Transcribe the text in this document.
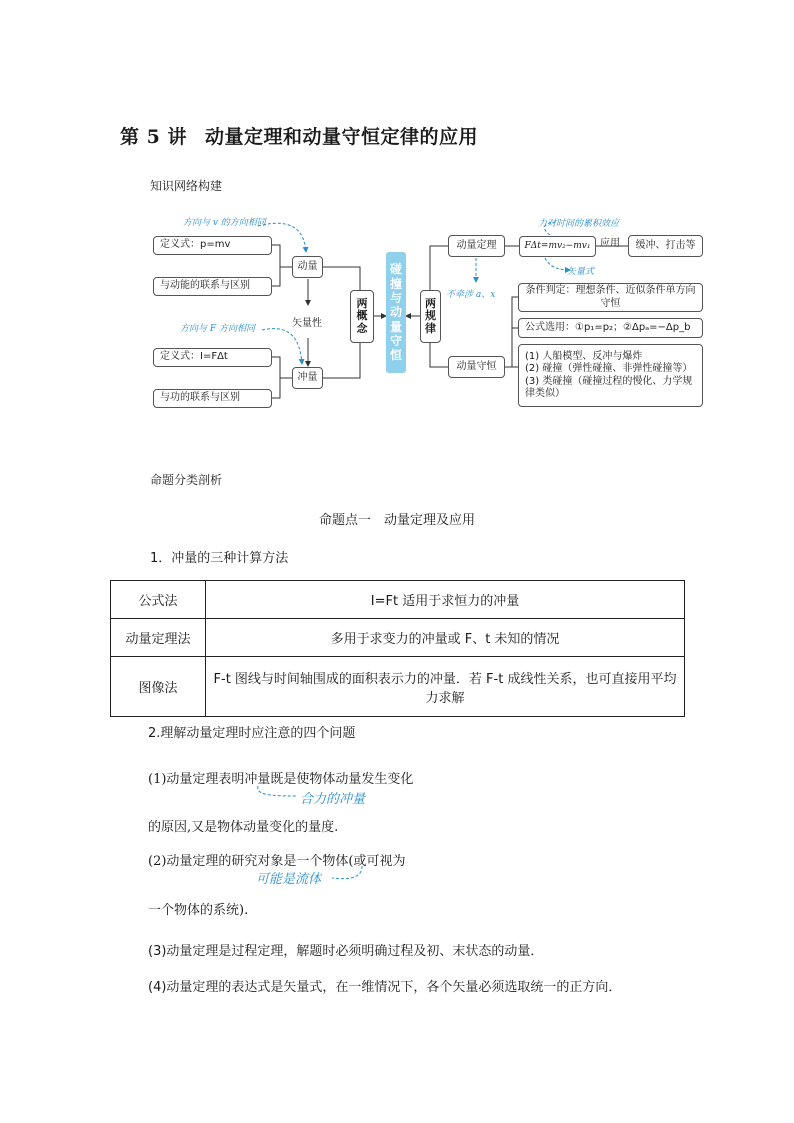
第 5 讲 动量定理和动量守恒定律的应用
知识网络构建
方向与 v 的方向相同
定义式：p=mv
与动能的联系与区别
动量
矢量性
方向与 F 方向相同
定义式：I=FΔt
与功的联系与区别
冲量
两
概
念
碰
撞
与
动
量
守
恒
两
规
律
动量定理
力对时间的累积效应
FΔt=mv₂−mv₁ 应用	缓冲、打击等
矢量式
不牵涉 a、x	条件判定：理想条件、近似条件单方向守恒
公式选用：①p₁=p₂；②Δpₐ=−Δp_b
动量守恒
(1) 人船模型、反冲与爆炸
(2) 碰撞（弹性碰撞、非弹性碰撞等）
(3) 类碰撞（碰撞过程的慢化、力学规律类似）
命题分类剖析
命题点一　动量定理及应用
1．冲量的三种计算方法
公式法	I=Ft 适用于求恒力的冲量
动量定理法	多用于求变力的冲量或 F、t 未知的情况
图像法	F-t 图线与时间轴围成的面积表示力的冲量．若 F-t 成线性关系，也可直接用平均力求解
2.理解动量定理时应注意的四个问题
(1)动量定理表明冲量既是使物体动量发生变化
合力的冲量
的原因,又是物体动量变化的量度.
(2)动量定理的研究对象是一个物体(或可视为
可能是流体
一个物体的系统).
(3)动量定理是过程定理，解题时必须明确过程及初、末状态的动量．
(4)动量定理的表达式是矢量式，在一维情况下，各个矢量必须选取统一的正方向．
